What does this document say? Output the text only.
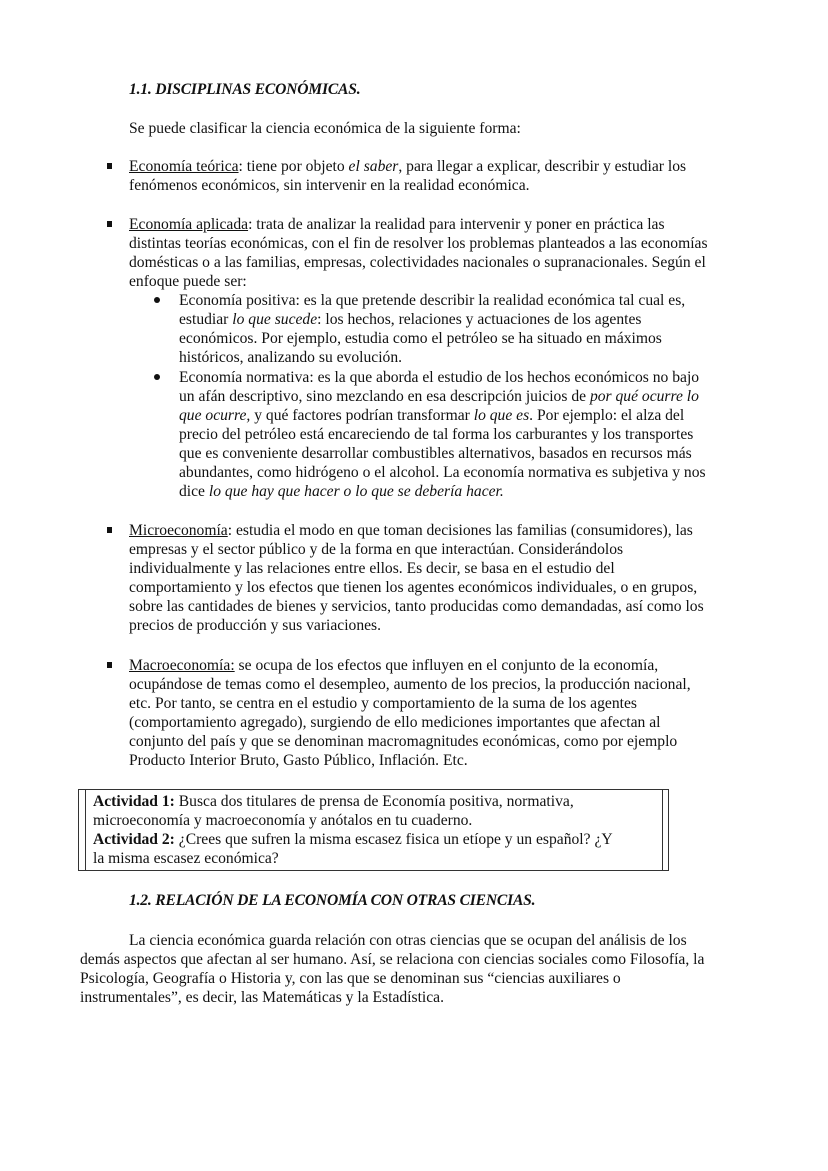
1.1. DISCIPLINAS ECONÓMICAS.
Se puede clasificar la ciencia económica de la siguiente forma:
Economía teórica: tiene por objeto el saber, para llegar a explicar, describir y estudiar los
fenómenos económicos, sin intervenir en la realidad económica.
Economía aplicada: trata de analizar la realidad para intervenir y poner en práctica las
distintas teorías económicas, con el fin de resolver los problemas planteados a las economías
domésticas o a las familias, empresas, colectividades nacionales o supranacionales. Según el
enfoque puede ser:
Economía positiva: es la que pretende describir la realidad económica tal cual es,
estudiar lo que sucede: los hechos, relaciones y actuaciones de los agentes
económicos. Por ejemplo, estudia como el petróleo se ha situado en máximos
históricos, analizando su evolución.
Economía normativa: es la que aborda el estudio de los hechos económicos no bajo
un afán descriptivo, sino mezclando en esa descripción juicios de por qué ocurre lo
que ocurre, y qué factores podrían transformar lo que es. Por ejemplo: el alza del
precio del petróleo está encareciendo de tal forma los carburantes y los transportes
que es conveniente desarrollar combustibles alternativos, basados en recursos más
abundantes, como hidrógeno o el alcohol. La economía normativa es subjetiva y nos
dice lo que hay que hacer o lo que se debería hacer.
Microeconomía: estudia el modo en que toman decisiones las familias (consumidores), las
empresas y el sector público y de la forma en que interactúan. Considerándolos
individualmente y las relaciones entre ellos. Es decir, se basa en el estudio del
comportamiento y los efectos que tienen los agentes económicos individuales, o en grupos,
sobre las cantidades de bienes y servicios, tanto producidas como demandadas, así como los
precios de producción y sus variaciones.
Macroeconomía: se ocupa de los efectos que influyen en el conjunto de la economía,
ocupándose de temas como el desempleo, aumento de los precios, la producción nacional,
etc. Por tanto, se centra en el estudio y comportamiento de la suma de los agentes
(comportamiento agregado), surgiendo de ello mediciones importantes que afectan al
conjunto del país y que se denominan macromagnitudes económicas, como por ejemplo
Producto Interior Bruto, Gasto Público, Inflación. Etc.
Actividad 1: Busca dos titulares de prensa de Economía positiva, normativa,
microeconomía y macroeconomía y anótalos en tu cuaderno.
Actividad 2: ¿Crees que sufren la misma escasez fisica un etíope y un español? ¿Y
la misma escasez económica?
1.2. RELACIÓN DE LA ECONOMÍA CON OTRAS CIENCIAS.
La ciencia económica guarda relación con otras ciencias que se ocupan del análisis de los
demás aspectos que afectan al ser humano. Así, se relaciona con ciencias sociales como Filosofía, la
Psicología, Geografía o Historia y, con las que se denominan sus “ciencias auxiliares o
instrumentales”, es decir, las Matemáticas y la Estadística.
